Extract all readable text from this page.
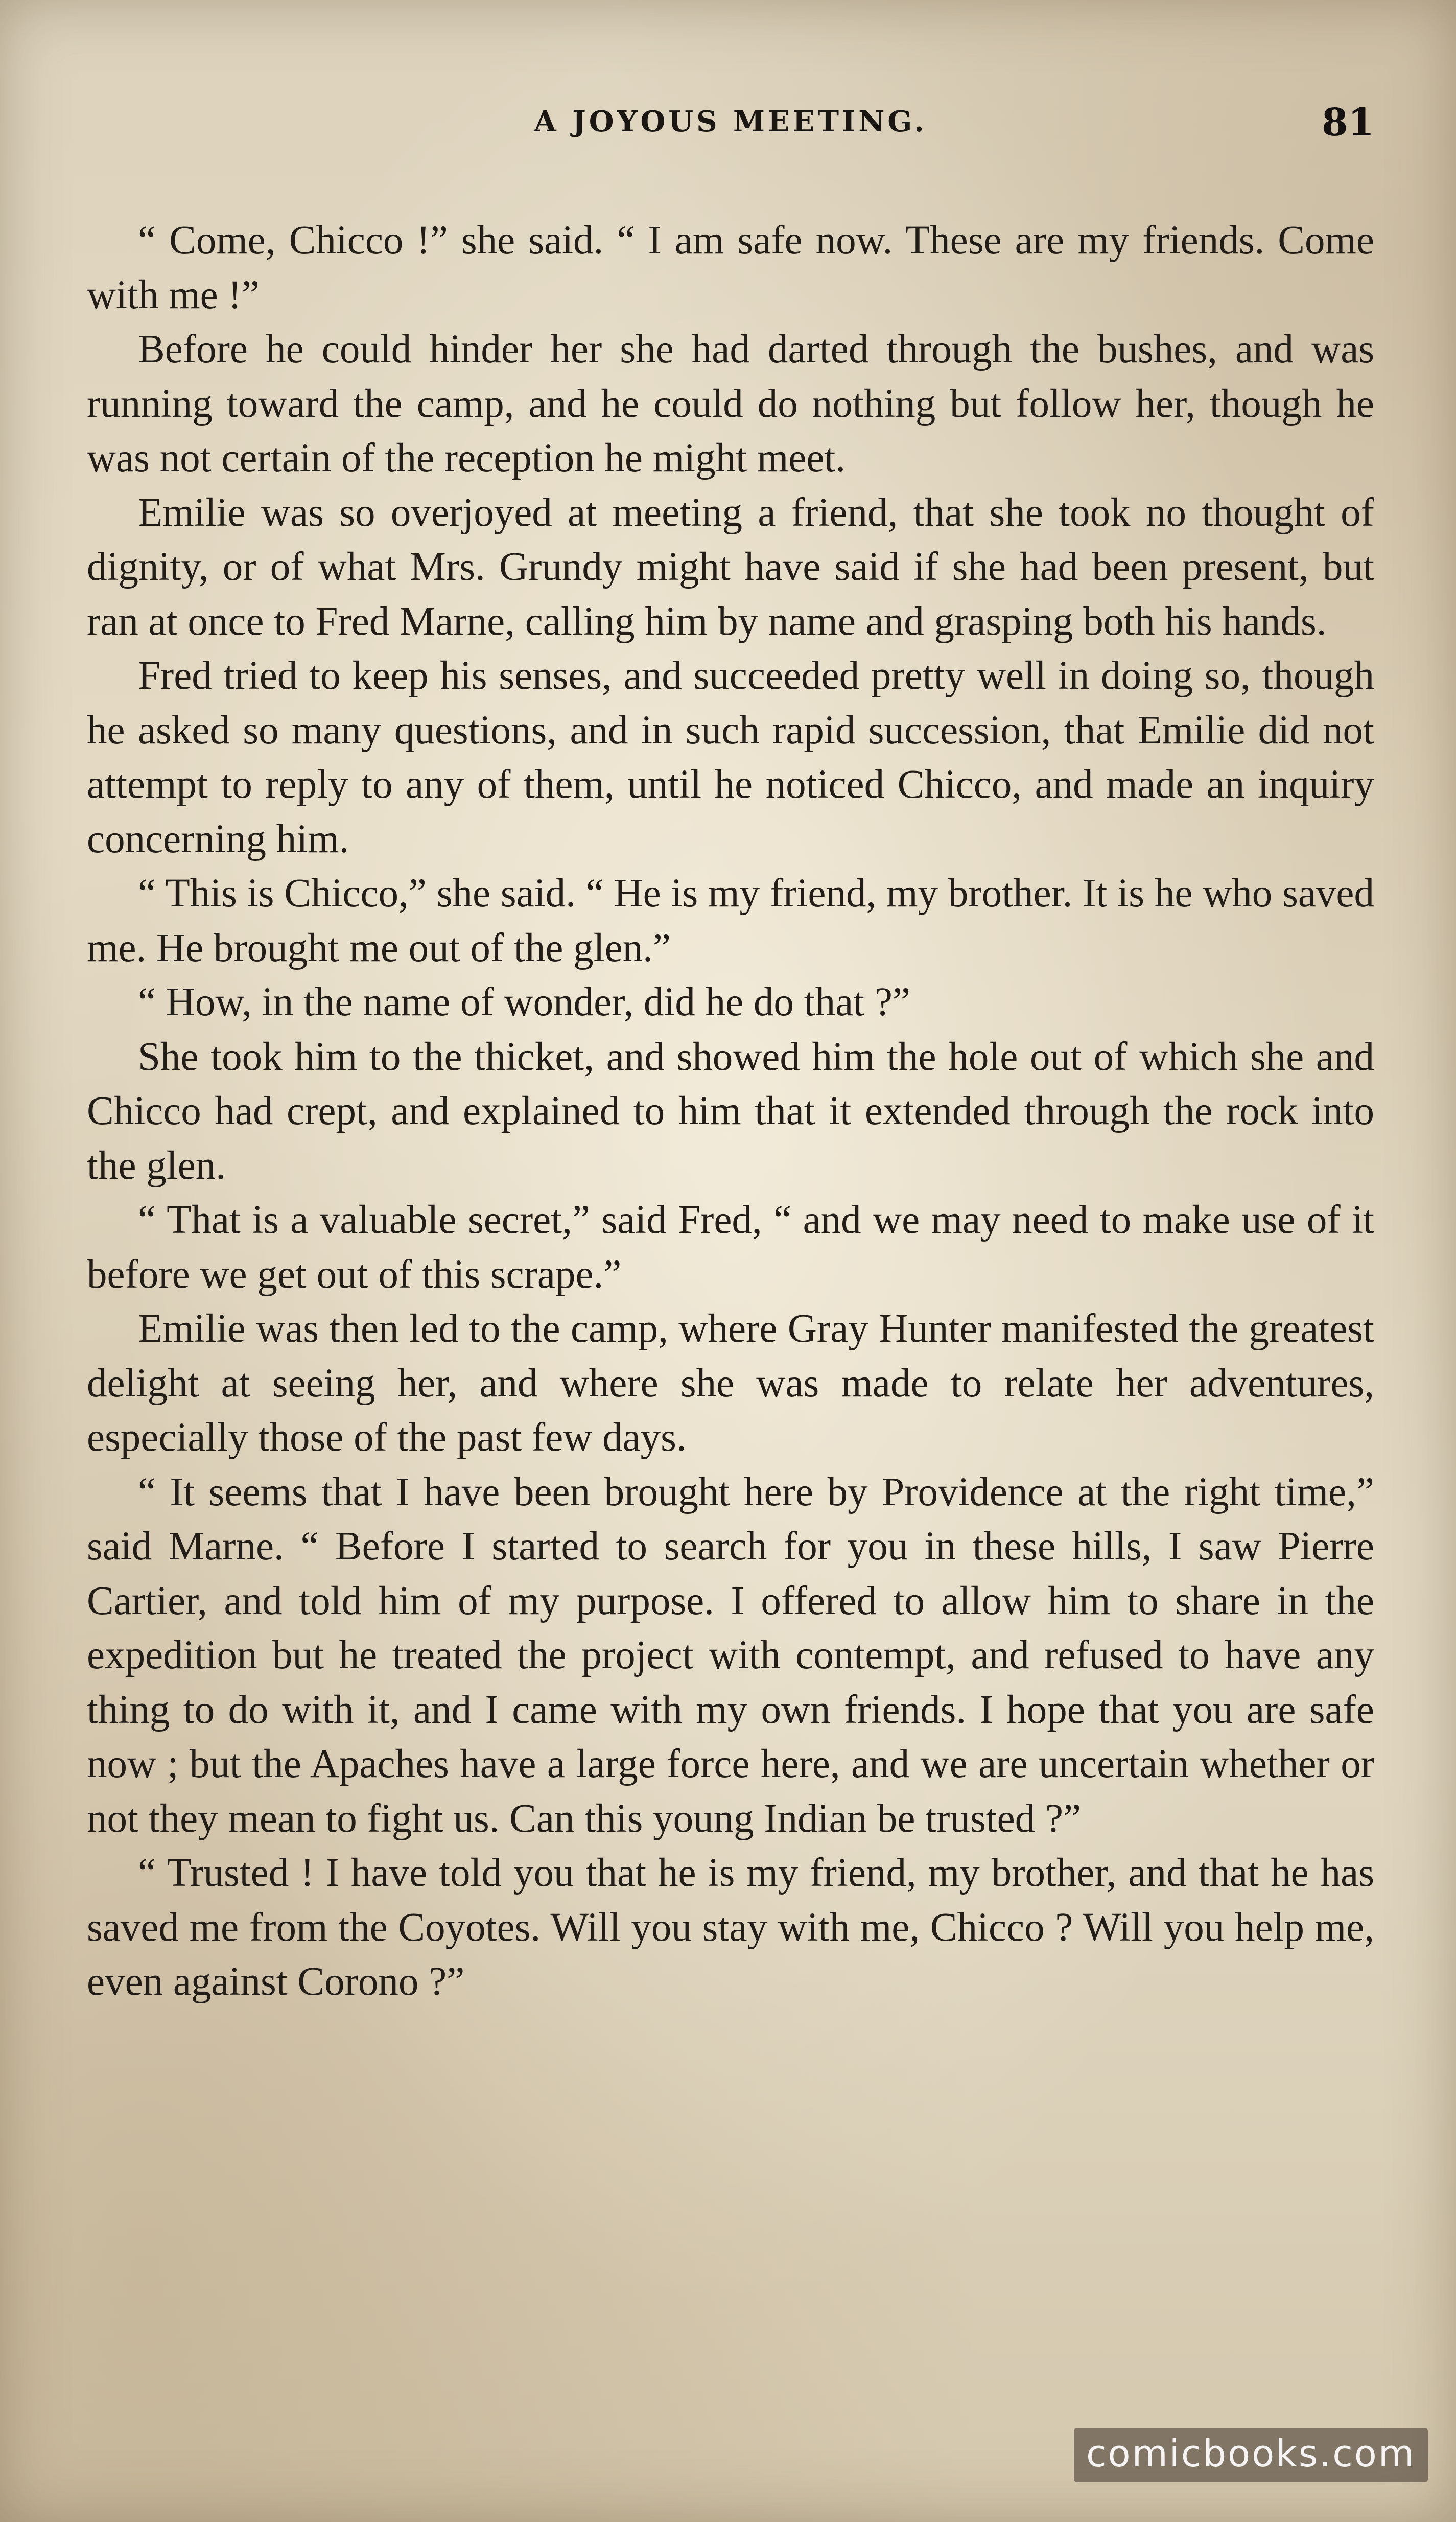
A JOYOUS MEETING.	81

“ Come, Chicco !” she said. “ I am safe now. These are my friends. Come with me !”

Before he could hinder her she had darted through the bushes, and was running toward the camp, and he could do nothing but follow her, though he was not certain of the reception he might meet.

Emilie was so overjoyed at meeting a friend, that she took no thought of dignity, or of what Mrs. Grundy might have said if she had been present, but ran at once to Fred Marne, calling him by name and grasping both his hands.

Fred tried to keep his senses, and succeeded pretty well in doing so, though he asked so many questions, and in such rapid succession, that Emilie did not attempt to reply to any of them, until he noticed Chicco, and made an inquiry concerning him.

“ This is Chicco,” she said. “ He is my friend, my brother. It is he who saved me. He brought me out of the glen.”

“ How, in the name of wonder, did he do that ?”

She took him to the thicket, and showed him the hole out of which she and Chicco had crept, and explained to him that it extended through the rock into the glen.

“ That is a valuable secret,” said Fred, “ and we may need to make use of it before we get out of this scrape.”

Emilie was then led to the camp, where Gray Hunter manifested the greatest delight at seeing her, and where she was made to relate her adventures, especially those of the past few days.

“ It seems that I have been brought here by Providence at the right time,” said Marne. “ Before I started to search for you in these hills, I saw Pierre Cartier, and told him of my purpose. I offered to allow him to share in the expedition but he treated the project with contempt, and refused to have any thing to do with it, and I came with my own friends. I hope that you are safe now ; but the Apaches have a large force here, and we are uncertain whether or not they mean to fight us. Can this young Indian be trusted ?”

“ Trusted ! I have told you that he is my friend, my brother, and that he has saved me from the Coyotes. Will you stay with me, Chicco ? Will you help me, even against Corono ?”

comicbooks.com
